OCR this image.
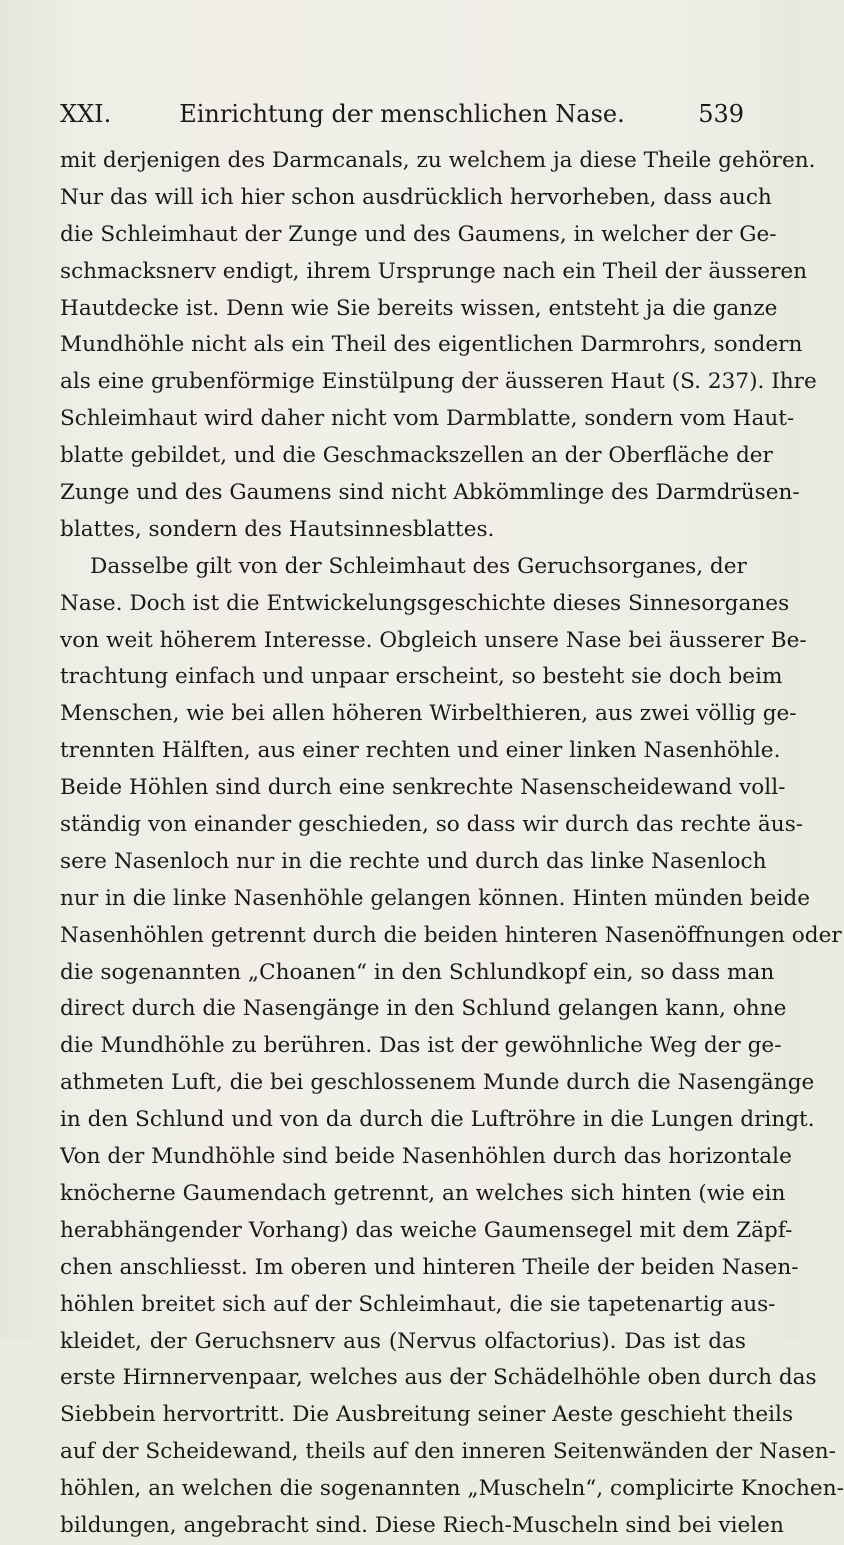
XXI.	Einrichtung der menschlichen Nase.	539
mit derjenigen des Darmcanals, zu welchem ja diese Theile gehören.
Nur das will ich hier schon ausdrücklich hervorheben, dass auch
die Schleimhaut der Zunge und des Gaumens, in welcher der Ge-
schmacksnerv endigt, ihrem Ursprunge nach ein Theil der äusseren
Hautdecke ist. Denn wie Sie bereits wissen, entsteht ja die ganze
Mundhöhle nicht als ein Theil des eigentlichen Darmrohrs, sondern
als eine grubenförmige Einstülpung der äusseren Haut (S. 237). Ihre
Schleimhaut wird daher nicht vom Darmblatte, sondern vom Haut-
blatte gebildet, und die Geschmackszellen an der Oberfläche der
Zunge und des Gaumens sind nicht Abkömmlinge des Darmdrüsen-
blattes, sondern des Hautsinnesblattes.
Dasselbe gilt von der Schleimhaut des Geruchsorganes, der
Nase. Doch ist die Entwickelungsgeschichte dieses Sinnesorganes
von weit höherem Interesse. Obgleich unsere Nase bei äusserer Be-
trachtung einfach und unpaar erscheint, so besteht sie doch beim
Menschen, wie bei allen höheren Wirbelthieren, aus zwei völlig ge-
trennten Hälften, aus einer rechten und einer linken Nasenhöhle.
Beide Höhlen sind durch eine senkrechte Nasenscheidewand voll-
ständig von einander geschieden, so dass wir durch das rechte äus-
sere Nasenloch nur in die rechte und durch das linke Nasenloch
nur in die linke Nasenhöhle gelangen können. Hinten münden beide
Nasenhöhlen getrennt durch die beiden hinteren Nasenöffnungen oder
die sogenannten „Choanen“ in den Schlundkopf ein, so dass man
direct durch die Nasengänge in den Schlund gelangen kann, ohne
die Mundhöhle zu berühren. Das ist der gewöhnliche Weg der ge-
athmeten Luft, die bei geschlossenem Munde durch die Nasengänge
in den Schlund und von da durch die Luftröhre in die Lungen dringt.
Von der Mundhöhle sind beide Nasenhöhlen durch das horizontale
knöcherne Gaumendach getrennt, an welches sich hinten (wie ein
herabhängender Vorhang) das weiche Gaumensegel mit dem Zäpf-
chen anschliesst. Im oberen und hinteren Theile der beiden Nasen-
höhlen breitet sich auf der Schleimhaut, die sie tapetenartig aus-
kleidet, der Geruchsnerv aus (Nervus olfactorius). Das ist das
erste Hirnnervenpaar, welches aus der Schädelhöhle oben durch das
Siebbein hervortritt. Die Ausbreitung seiner Aeste geschieht theils
auf der Scheidewand, theils auf den inneren Seitenwänden der Nasen-
höhlen, an welchen die sogenannten „Muscheln“, complicirte Knochen-
bildungen, angebracht sind. Diese Riech-Muscheln sind bei vielen
